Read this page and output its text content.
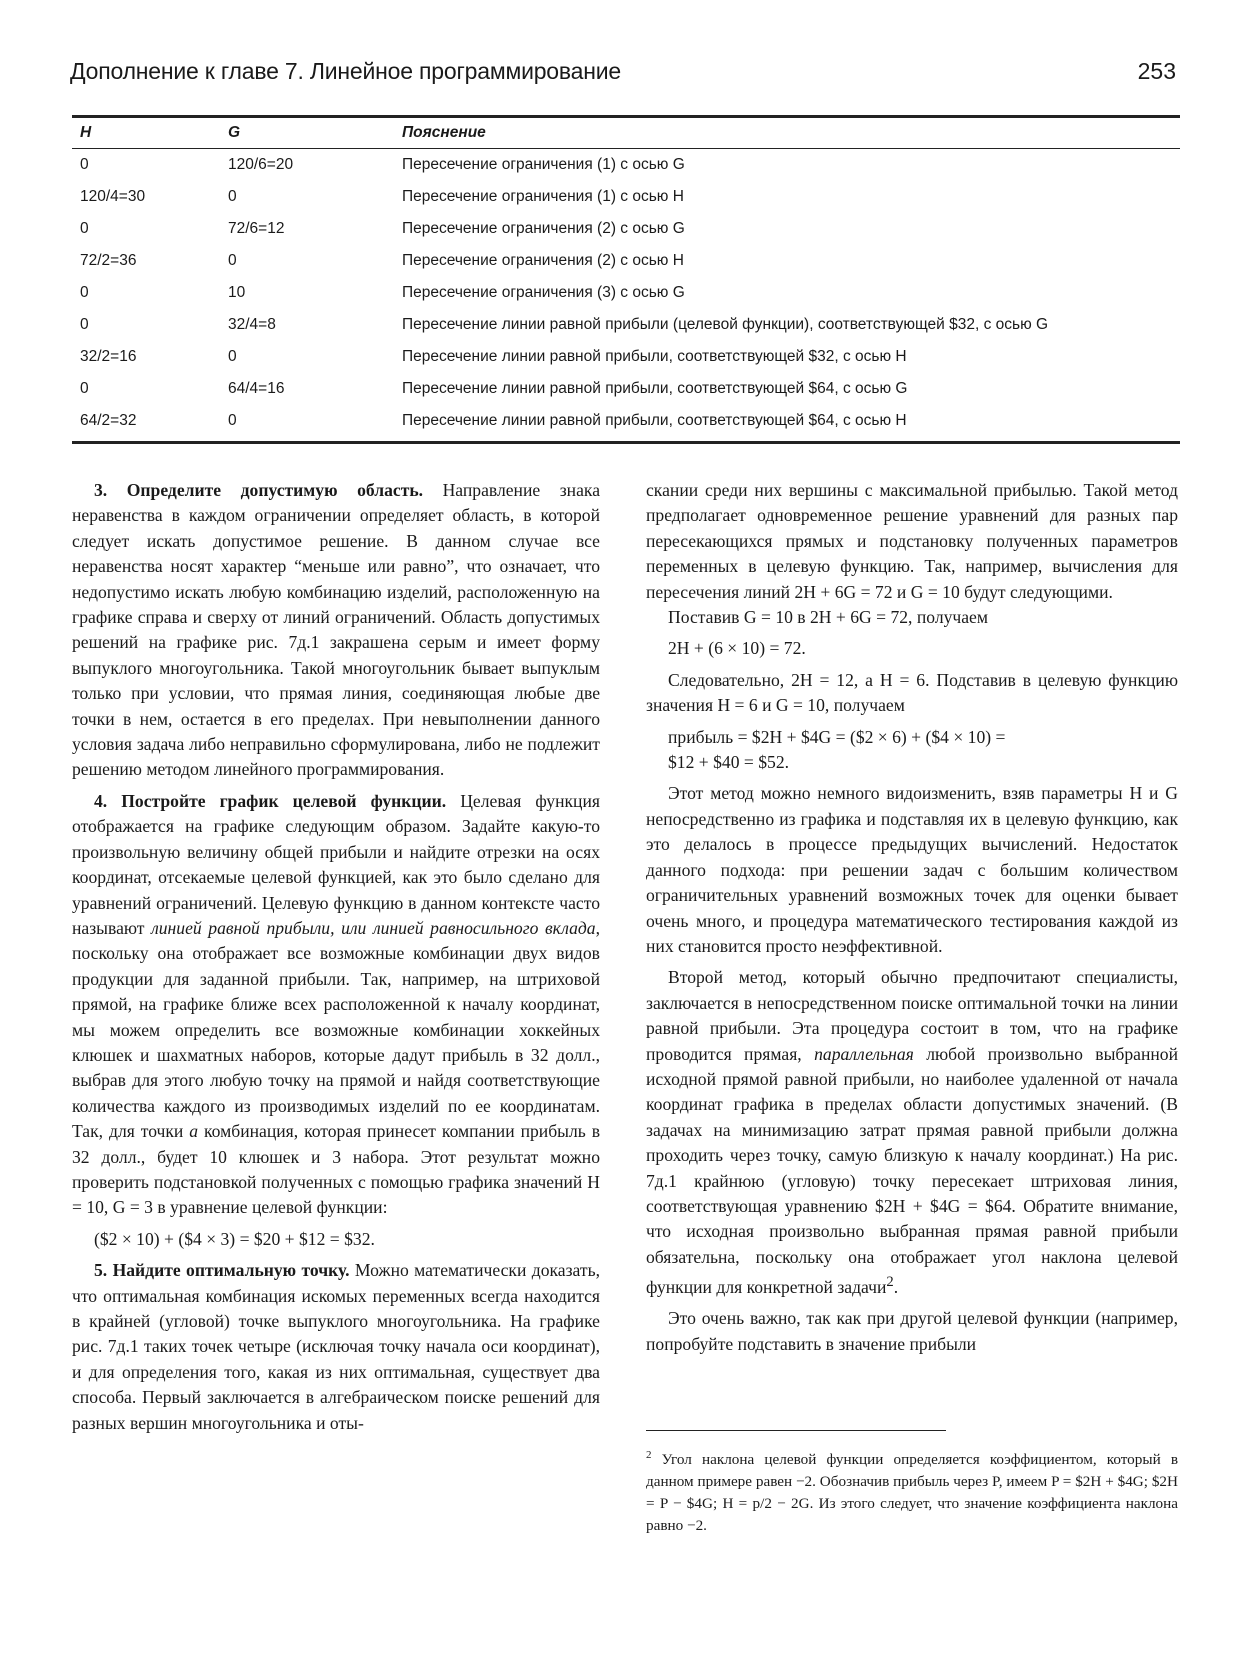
Дополнение к главе 7. Линейное программирование	253
H	G	Пояснение
0	120/6=20	Пересечение ограничения (1) с осью G
120/4=30	0	Пересечение ограничения (1) с осью H
0	72/6=12	Пересечение ограничения (2) с осью G
72/2=36	0	Пересечение ограничения (2) с осью H
0	10	Пересечение ограничения (3) с осью G
0	32/4=8	Пересечение линии равной прибыли (целевой функции), соответствующей $32, с осью G
32/2=16	0	Пересечение линии равной прибыли, соответствующей $32, с осью H
0	64/4=16	Пересечение линии равной прибыли, соответствующей $64, с осью G
64/2=32	0	Пересечение линии равной прибыли, соответствующей $64, с осью H

3. Определите допустимую область. Направление знака неравенства в каждом ограничении определяет область, в которой следует искать допустимое решение. В данном случае все неравенства носят характер “меньше или равно”, что означает, что недопустимо искать любую комбинацию изделий, расположенную на графике справа и сверху от линий ограничений. Область допустимых решений на графике рис. 7д.1 закрашена серым и имеет форму выпуклого многоугольника. Такой многоугольник бывает выпуклым только при условии, что прямая линия, соединяющая любые две точки в нем, остается в его пределах. При невыполнении данного условия задача либо неправильно сформулирована, либо не подлежит решению методом линейного программирования.

4. Постройте график целевой функции. Целевая функция отображается на графике следующим образом. Задайте какую-то произвольную величину общей прибыли и найдите отрезки на осях координат, отсекаемые целевой функцией, как это было сделано для уравнений ограничений. Целевую функцию в данном контексте часто называют линией равной прибыли, или линией равносильного вклада, поскольку она отображает все возможные комбинации двух видов продукции для заданной прибыли. Так, например, на штриховой прямой, на графике ближе всех расположенной к началу координат, мы можем определить все возможные комбинации хоккейных клюшек и шахматных наборов, которые дадут прибыль в 32 долл., выбрав для этого любую точку на прямой и найдя соответствующие количества каждого из производимых изделий по ее координатам. Так, для точки a комбинация, которая принесет компании прибыль в 32 долл., будет 10 клюшек и 3 набора. Этот результат можно проверить подстановкой полученных с помощью графика значений H = 10, G = 3 в уравнение целевой функции:

($2 × 10) + ($4 × 3) = $20 + $12 = $32.

5. Найдите оптимальную точку. Можно математически доказать, что оптимальная комбинация искомых переменных всегда находится в крайней (угловой) точке выпуклого многоугольника. На графике рис. 7д.1 таких точек четыре (исключая точку начала оси координат), и для определения того, какая из них оптимальная, существует два способа. Первый заключается в алгебраическом поиске решений для разных вершин многоугольника и оты-

скании среди них вершины с максимальной прибылью. Такой метод предполагает одновременное решение уравнений для разных пар пересекающихся прямых и подстановку полученных параметров переменных в целевую функцию. Так, например, вычисления для пересечения линий 2H + 6G = 72 и G = 10 будут следующими.

Поставив G = 10 в 2H + 6G = 72, получаем

2H + (6 × 10) = 72.

Следовательно, 2H = 12, а H = 6. Подставив в целевую функцию значения H = 6 и G = 10, получаем

прибыль = $2H + $4G = ($2 × 6) + ($4 × 10) =

$12 + $40 = $52.

Этот метод можно немного видоизменить, взяв параметры H и G непосредственно из графика и подставляя их в целевую функцию, как это делалось в процессе предыдущих вычислений. Недостаток данного подхода: при решении задач с большим количеством ограничительных уравнений возможных точек для оценки бывает очень много, и процедура математического тестирования каждой из них становится просто неэффективной.

Второй метод, который обычно предпочитают специалисты, заключается в непосредственном поиске оптимальной точки на линии равной прибыли. Эта процедура состоит в том, что на графике проводится прямая, параллельная любой произвольно выбранной исходной прямой равной прибыли, но наиболее удаленной от начала координат графика в пределах области допустимых значений. (В задачах на минимизацию затрат прямая равной прибыли должна проходить через точку, самую близкую к началу координат.) На рис. 7д.1 крайнюю (угловую) точку пересекает штриховая линия, соответствующая уравнению $2H + $4G = $64. Обратите внимание, что исходная произвольно выбранная прямая равной прибыли обязательна, поскольку она отображает угол наклона целевой функции для конкретной задачи$^2$.

Это очень важно, так как при другой целевой функции (например, попробуйте подставить в значение прибыли

$^2$ Угол наклона целевой функции определяется коэффициентом, который в данном примере равен −2. Обозначив прибыль через P, имеем P = $2H + $4G; $2H = P − $4G; H = p/2 − 2G. Из этого следует, что значение коэффициента наклона равно −2.
